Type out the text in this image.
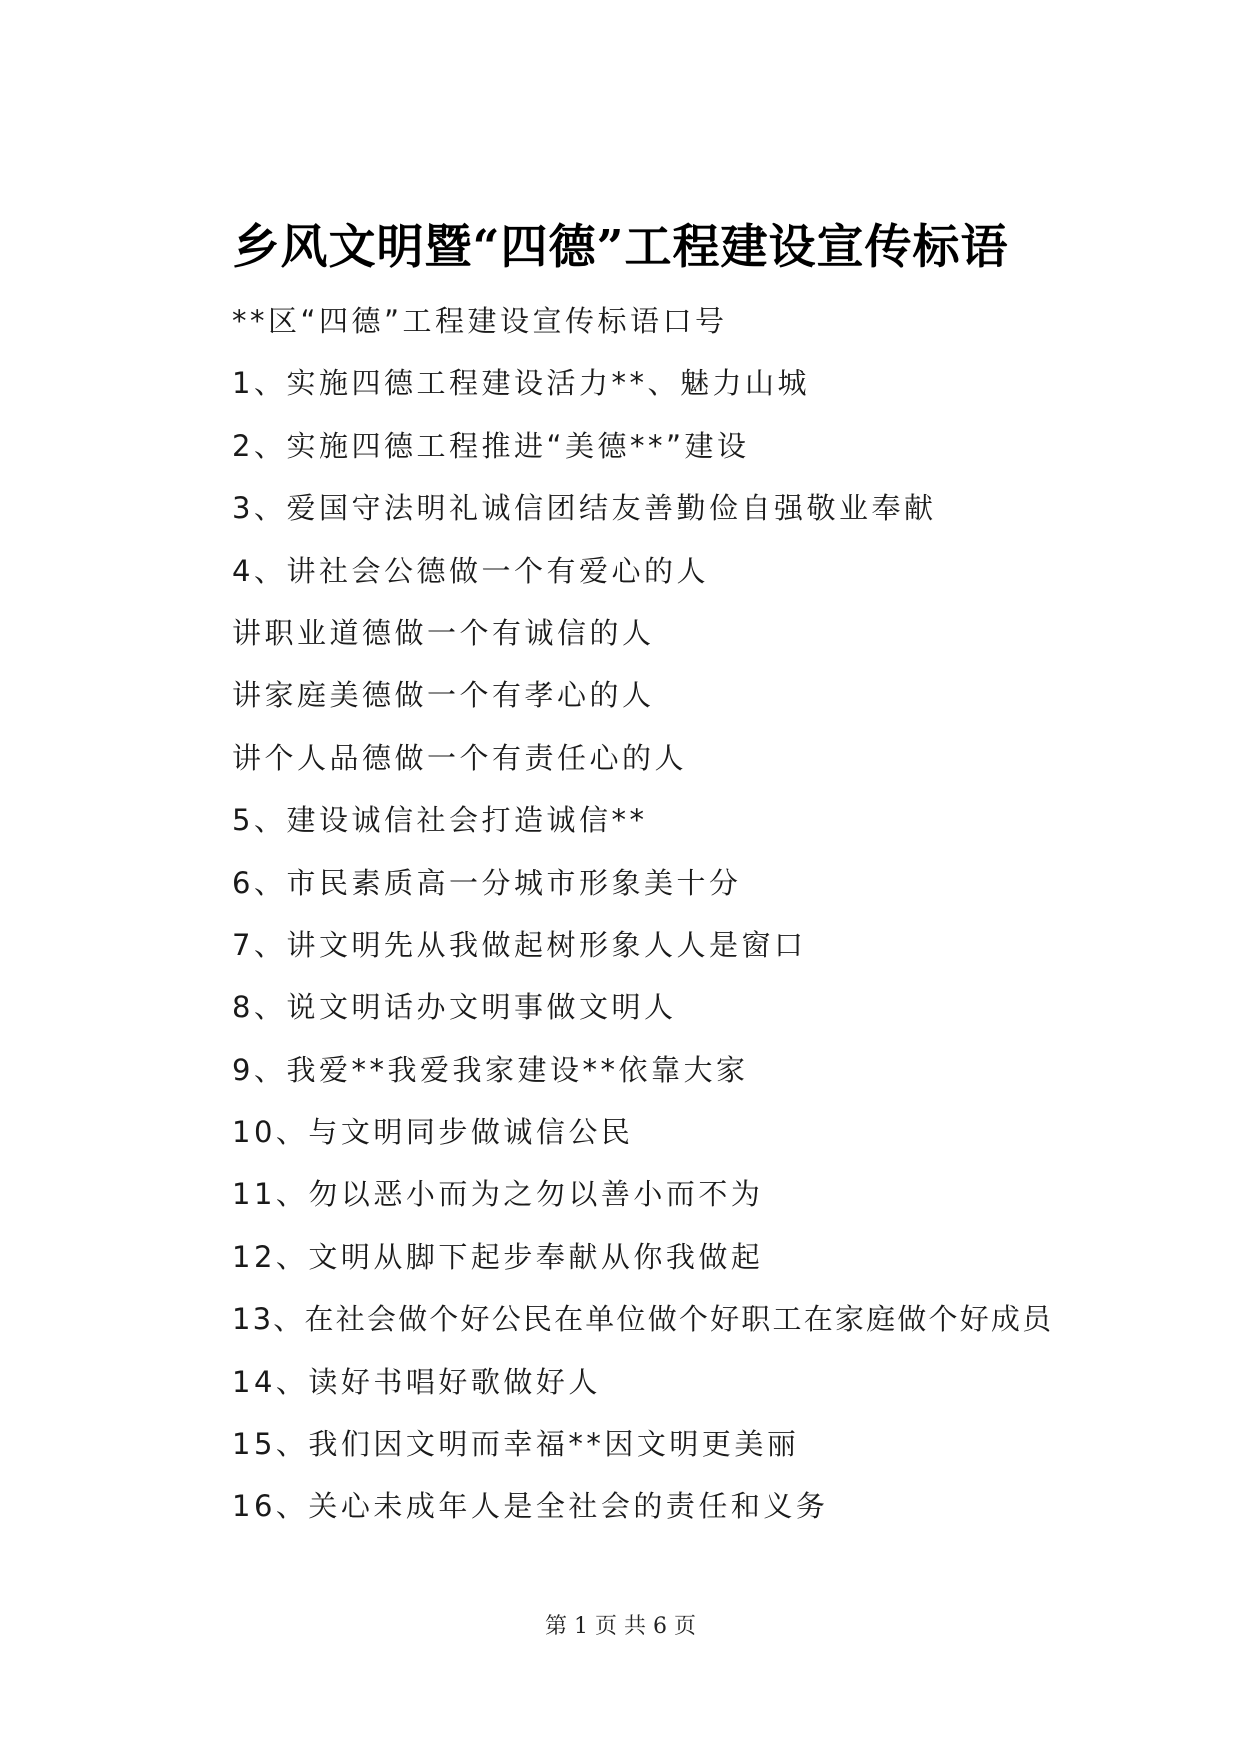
乡风文明暨“四德”工程建设宣传标语
**区“四德”工程建设宣传标语口号
1、实施四德工程建设活力**、魅力山城
2、实施四德工程推进“美德**”建设
3、爱国守法明礼诚信团结友善勤俭自强敬业奉献
4、讲社会公德做一个有爱心的人
讲职业道德做一个有诚信的人
讲家庭美德做一个有孝心的人
讲个人品德做一个有责任心的人
5、建设诚信社会打造诚信**
6、市民素质高一分城市形象美十分
7、讲文明先从我做起树形象人人是窗口
8、说文明话办文明事做文明人
9、我爱**我爱我家建设**依靠大家
10、与文明同步做诚信公民
11、勿以恶小而为之勿以善小而不为
12、文明从脚下起步奉献从你我做起
13、在社会做个好公民在单位做个好职工在家庭做个好成员
14、读好书唱好歌做好人
15、我们因文明而幸福**因文明更美丽
16、关心未成年人是全社会的责任和义务
第 1 页 共 6 页
